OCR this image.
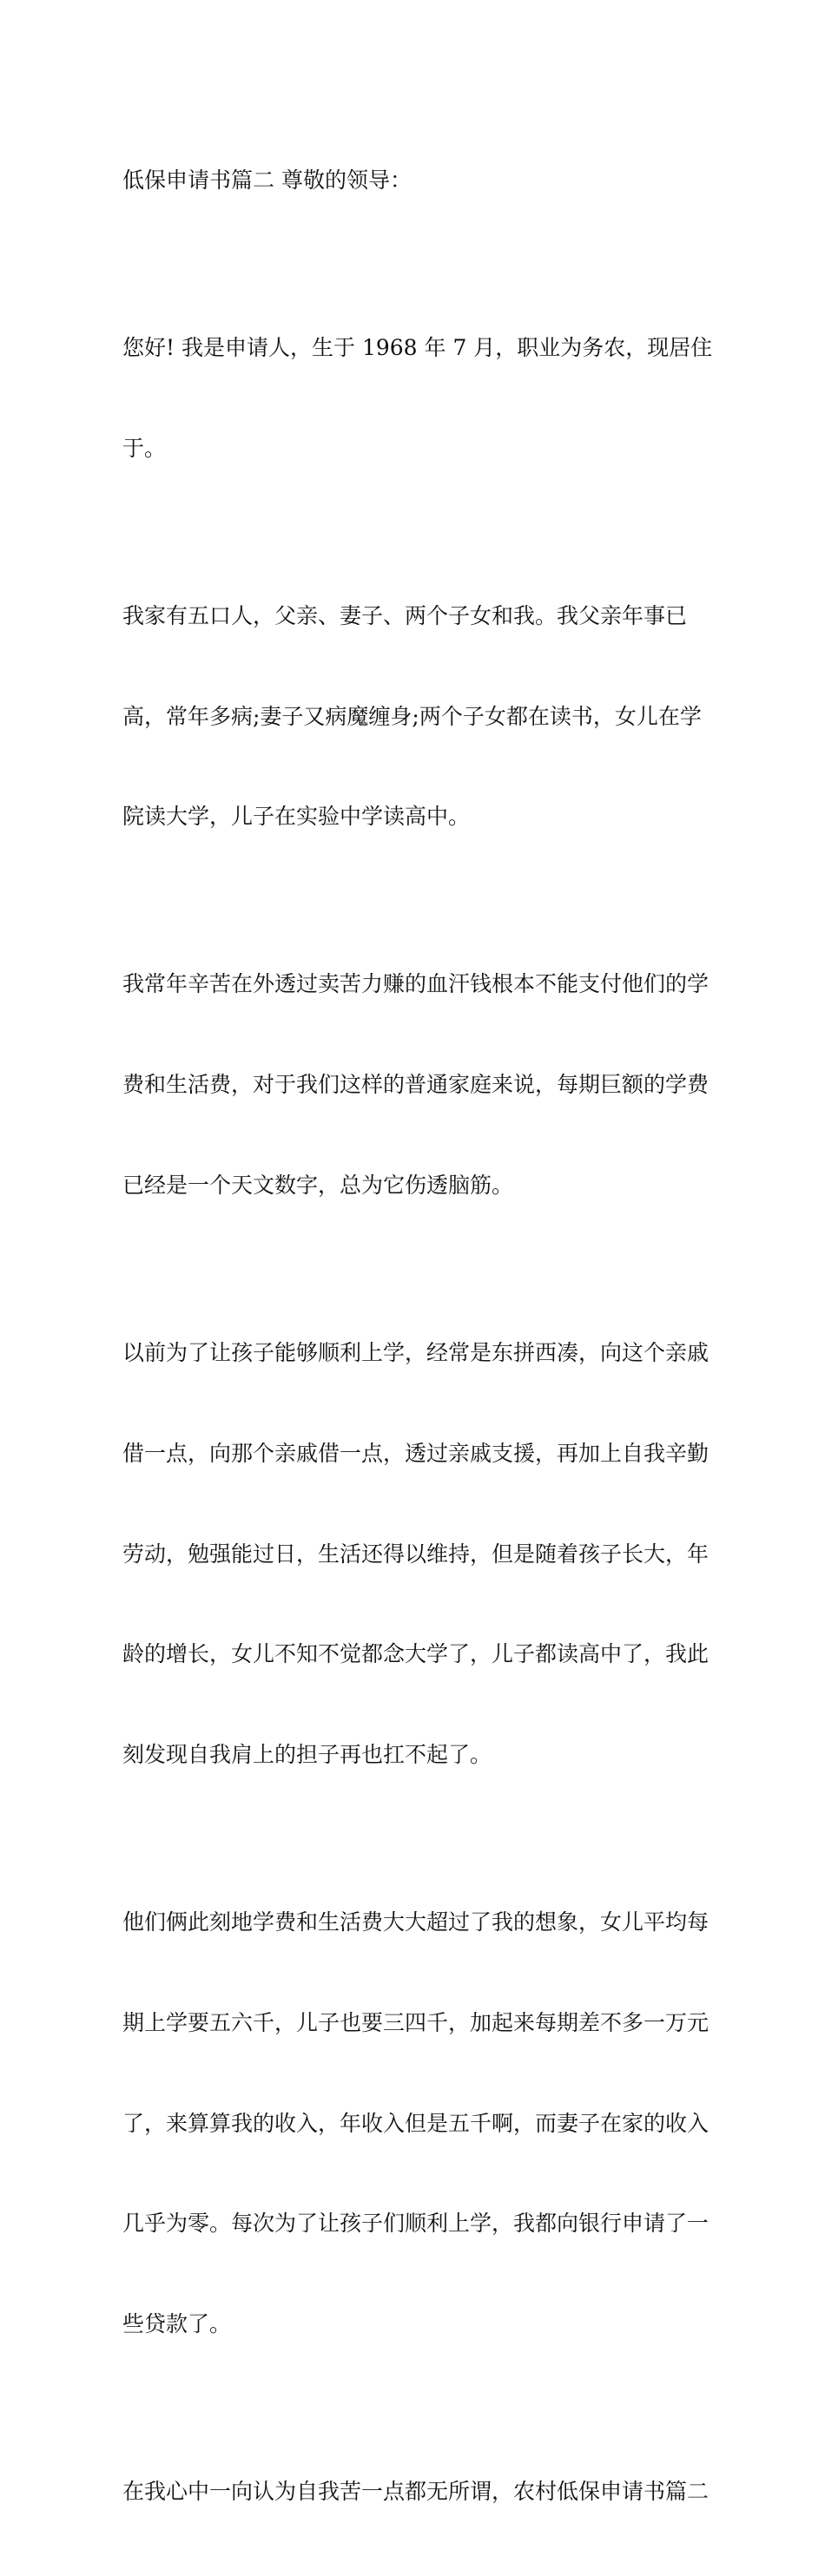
低保申请书篇二 尊敬的领导：

您好! 我是申请人，生于 1968 年 7 月，职业为务农，现居住

于。

我家有五口人，父亲、妻子、两个子女和我。我父亲年事已

高，常年多病;妻子又病魔缠身;两个子女都在读书，女儿在学

院读大学，儿子在实验中学读高中。

我常年辛苦在外透过卖苦力赚的血汗钱根本不能支付他们的学

费和生活费，对于我们这样的普通家庭来说，每期巨额的学费

已经是一个天文数字，总为它伤透脑筋。

以前为了让孩子能够顺利上学，经常是东拼西凑，向这个亲戚

借一点，向那个亲戚借一点，透过亲戚支援，再加上自我辛勤

劳动，勉强能过日，生活还得以维持，但是随着孩子长大，年

龄的增长，女儿不知不觉都念大学了，儿子都读高中了，我此

刻发现自我肩上的担子再也扛不起了。

他们俩此刻地学费和生活费大大超过了我的想象，女儿平均每

期上学要五六千，儿子也要三四千，加起来每期差不多一万元

了，来算算我的收入，年收入但是五千啊，而妻子在家的收入

几乎为零。每次为了让孩子们顺利上学，我都向银行申请了一

些贷款了。

在我心中一向认为自我苦一点都无所谓，农村低保申请书篇二
